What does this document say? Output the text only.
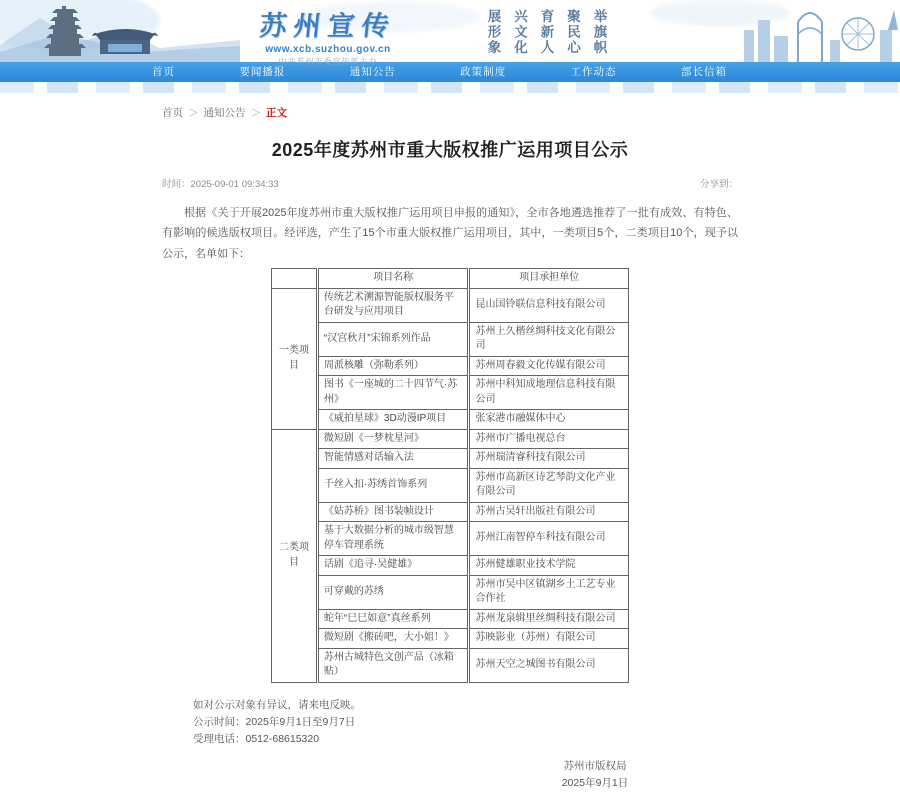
苏州宣传
www.xcb.suzhou.gov.cn
中共苏州市委宣传部主办
展形象 兴文化 育新人 聚民心 举旗帜
首页	要闻播报	通知公告	政策制度	工作动态	部长信箱
首页 ＞ 通知公告 ＞ 正文
2025年度苏州市重大版权推广运用项目公示
时间：2025-09-01 09:34:33	分享到：

根据《关于开展2025年度苏州市重大版权推广运用项目申报的通知》，全市各地遴选推荐了一批有成效、有特色、有影响的候选版权项目。经评选，产生了15个市重大版权推广运用项目，其中，一类项目5个，二类项目10个，现予以公示，名单如下：

	项目名称	项目承担单位
一类项目	传统艺术溯源智能版权服务平台研发与应用项目	昆山国铃联信息科技有限公司
	“汉宫秋月”宋锦系列作品	苏州上久楷丝绸科技文化有限公司
	周派核雕（弥勒系列）	苏州周春毅文化传媒有限公司
	图书《一座城的二十四节气·苏州》	苏州中科知成地理信息科技有限公司
	《威拍星球》3D动漫IP项目	张家港市融媒体中心
二类项目	微短剧《一梦枕星河》	苏州市广播电视总台
	智能情感对话输入法	苏州瑞清睿科技有限公司
	千丝入扣·苏绣首饰系列	苏州市高新区诗艺琴韵文化产业有限公司
	《姑苏桥》图书装帧设计	苏州古吴轩出版社有限公司
	基于大数据分析的城市级智慧停车管理系统	苏州江南智停车科技有限公司
	话剧《追寻·吴健雄》	苏州健雄职业技术学院
	可穿戴的苏绣	苏州市吴中区镇湖乡土工艺专业合作社
	蛇年“巳巳如意”真丝系列	苏州龙泉辑里丝绸科技有限公司
	微短剧《搬砖吧，大小姐！》	苏映影业（苏州）有限公司
	苏州古城特色文创产品（冰箱贴）	苏州天空之城图书有限公司
如对公示对象有异议，请来电反映。
公示时间：2025年9月1日至9月7日
受理电话：0512-68615320
苏州市版权局
2025年9月1日
